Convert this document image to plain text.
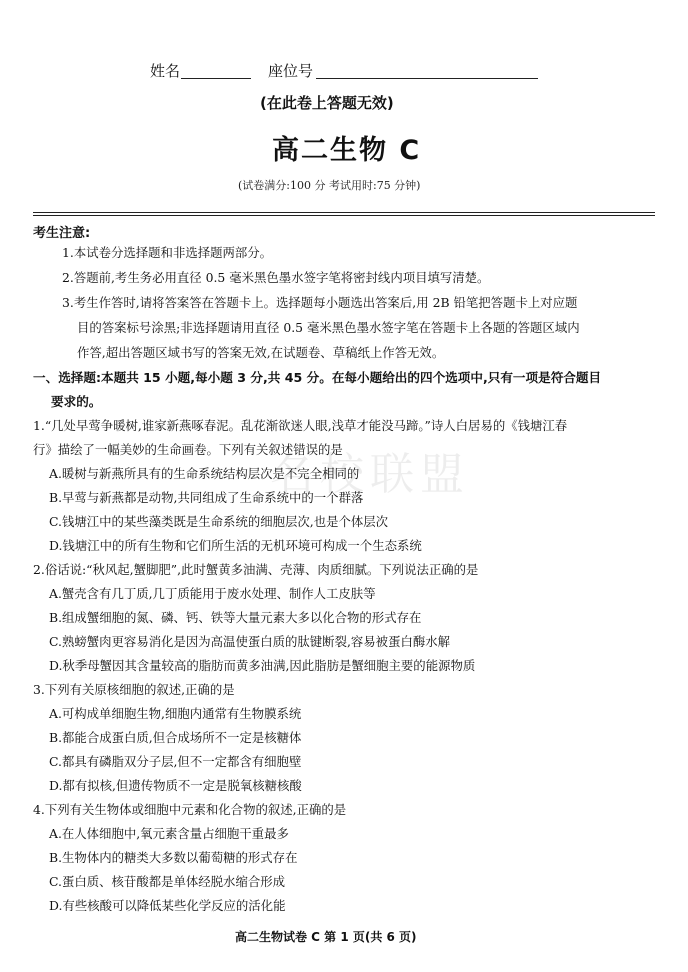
姓名	座位号
(在此卷上答题无效)
高二生物 C
(试卷满分:100 分 考试用时:75 分钟)
名校联盟
考生注意:
1.本试卷分选择题和非选择题两部分。
2.答题前,考生务必用直径 0.5 毫米黑色墨水签字笔将密封线内项目填写清楚。
3.考生作答时,请将答案答在答题卡上。选择题每小题选出答案后,用 2B 铅笔把答题卡上对应题
目的答案标号涂黑;非选择题请用直径 0.5 毫米黑色墨水签字笔在答题卡上各题的答题区域内
作答,超出答题区域书写的答案无效,在试题卷、草稿纸上作答无效。
一、选择题:本题共 15 小题,每小题 3 分,共 45 分。在每小题给出的四个选项中,只有一项是符合题目
要求的。
1.“几处早莺争暖树,谁家新燕啄春泥。乱花渐欲迷人眼,浅草才能没马蹄。”诗人白居易的《钱塘江春
行》描绘了一幅美妙的生命画卷。下列有关叙述错误的是
A.暖树与新燕所具有的生命系统结构层次是不完全相同的
B.早莺与新燕都是动物,共同组成了生命系统中的一个群落
C.钱塘江中的某些藻类既是生命系统的细胞层次,也是个体层次
D.钱塘江中的所有生物和它们所生活的无机环境可构成一个生态系统
2.俗话说:“秋风起,蟹脚肥”,此时蟹黄多油满、壳薄、肉质细腻。下列说法正确的是
A.蟹壳含有几丁质,几丁质能用于废水处理、制作人工皮肤等
B.组成蟹细胞的氮、磷、钙、铁等大量元素大多以化合物的形式存在
C.熟螃蟹肉更容易消化是因为高温使蛋白质的肽键断裂,容易被蛋白酶水解
D.秋季母蟹因其含量较高的脂肪而黄多油满,因此脂肪是蟹细胞主要的能源物质
3.下列有关原核细胞的叙述,正确的是
A.可构成单细胞生物,细胞内通常有生物膜系统
B.都能合成蛋白质,但合成场所不一定是核糖体
C.都具有磷脂双分子层,但不一定都含有细胞壁
D.都有拟核,但遗传物质不一定是脱氧核糖核酸
4.下列有关生物体或细胞中元素和化合物的叙述,正确的是
A.在人体细胞中,氧元素含量占细胞干重最多
B.生物体内的糖类大多数以葡萄糖的形式存在
C.蛋白质、核苷酸都是单体经脱水缩合形成
D.有些核酸可以降低某些化学反应的活化能
高二生物试卷 C 第 1 页(共 6 页)
